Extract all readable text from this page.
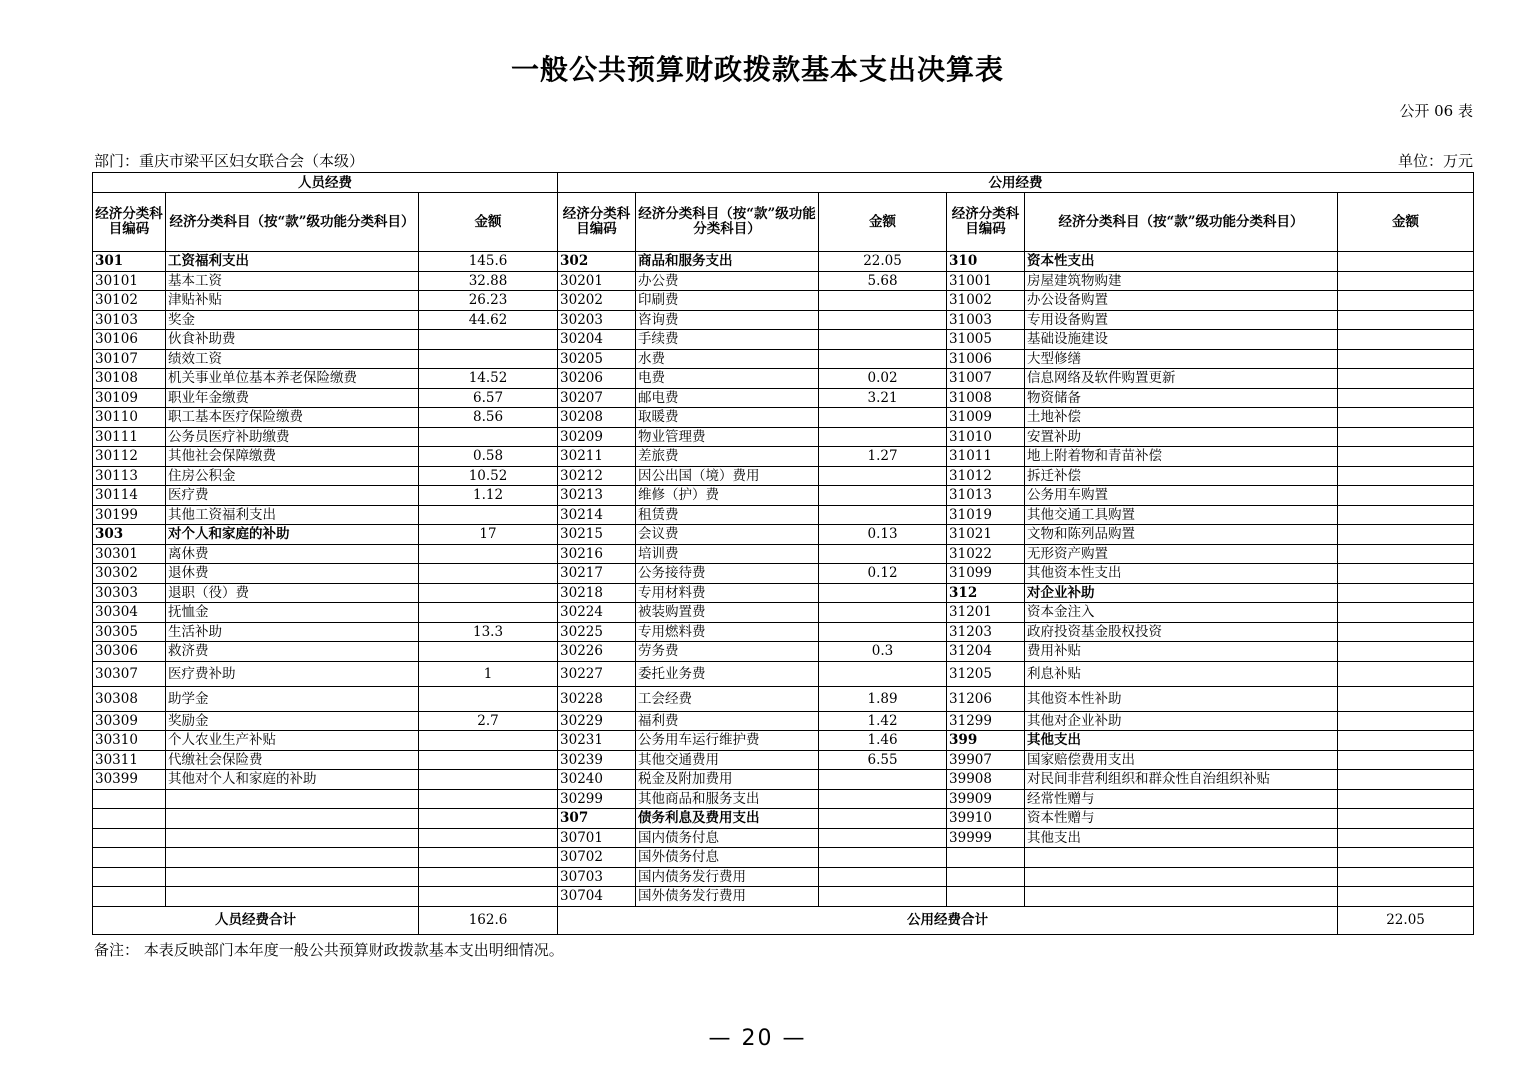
一般公共预算财政拨款基本支出决算表
公开 06 表
部门：重庆市梁平区妇女联合会（本级）	单位：万元
人员经费			公用经费					
经济分类科目编码	经济分类科目（按“款”级功能分类科目）	金额	经济分类科目编码	经济分类科目（按“款”级功能分类科目）	金额	经济分类科目编码	经济分类科目（按“款”级功能分类科目）	金额
301	工资福利支出	145.6	302	商品和服务支出	22.05	310	资本性支出	
30101	基本工资	32.88	30201	办公费	5.68	31001	房屋建筑物购建	
30102	津贴补贴	26.23	30202	印刷费		31002	办公设备购置	
30103	奖金	44.62	30203	咨询费		31003	专用设备购置	
30106	伙食补助费		30204	手续费		31005	基础设施建设	
30107	绩效工资		30205	水费		31006	大型修缮	
30108	机关事业单位基本养老保险缴费	14.52	30206	电费	0.02	31007	信息网络及软件购置更新	
30109	职业年金缴费	6.57	30207	邮电费	3.21	31008	物资储备	
30110	职工基本医疗保险缴费	8.56	30208	取暖费		31009	土地补偿	
30111	公务员医疗补助缴费		30209	物业管理费		31010	安置补助	
30112	其他社会保障缴费	0.58	30211	差旅费	1.27	31011	地上附着物和青苗补偿	
30113	住房公积金	10.52	30212	因公出国（境）费用		31012	拆迁补偿	
30114	医疗费	1.12	30213	维修（护）费		31013	公务用车购置	
30199	其他工资福利支出		30214	租赁费		31019	其他交通工具购置	
303	对个人和家庭的补助	17	30215	会议费	0.13	31021	文物和陈列品购置	
30301	离休费		30216	培训费		31022	无形资产购置	
30302	退休费		30217	公务接待费	0.12	31099	其他资本性支出	
30303	退职（役）费		30218	专用材料费		312	对企业补助	
30304	抚恤金		30224	被装购置费		31201	资本金注入	
30305	生活补助	13.3	30225	专用燃料费		31203	政府投资基金股权投资	
30306	救济费		30226	劳务费	0.3	31204	费用补贴	
30307	医疗费补助	1	30227	委托业务费		31205	利息补贴	
30308	助学金		30228	工会经费	1.89	31206	其他资本性补助	
30309	奖励金	2.7	30229	福利费	1.42	31299	其他对企业补助	
30310	个人农业生产补贴		30231	公务用车运行维护费	1.46	399	其他支出	
30311	代缴社会保险费		30239	其他交通费用	6.55	39907	国家赔偿费用支出	
30399	其他对个人和家庭的补助		30240	税金及附加费用		39908	对民间非营利组织和群众性自治组织补贴	
			30299	其他商品和服务支出		39909	经常性赠与	
			307	债务利息及费用支出		39910	资本性赠与	
			30701	国内债务付息		39999	其他支出	
			30702	国外债务付息				
			30703	国内债务发行费用				
			30704	国外债务发行费用				
人员经费合计		162.6	公用经费合计					22.05
备注： 本表反映部门本年度一般公共预算财政拨款基本支出明细情况。
— 20 —
